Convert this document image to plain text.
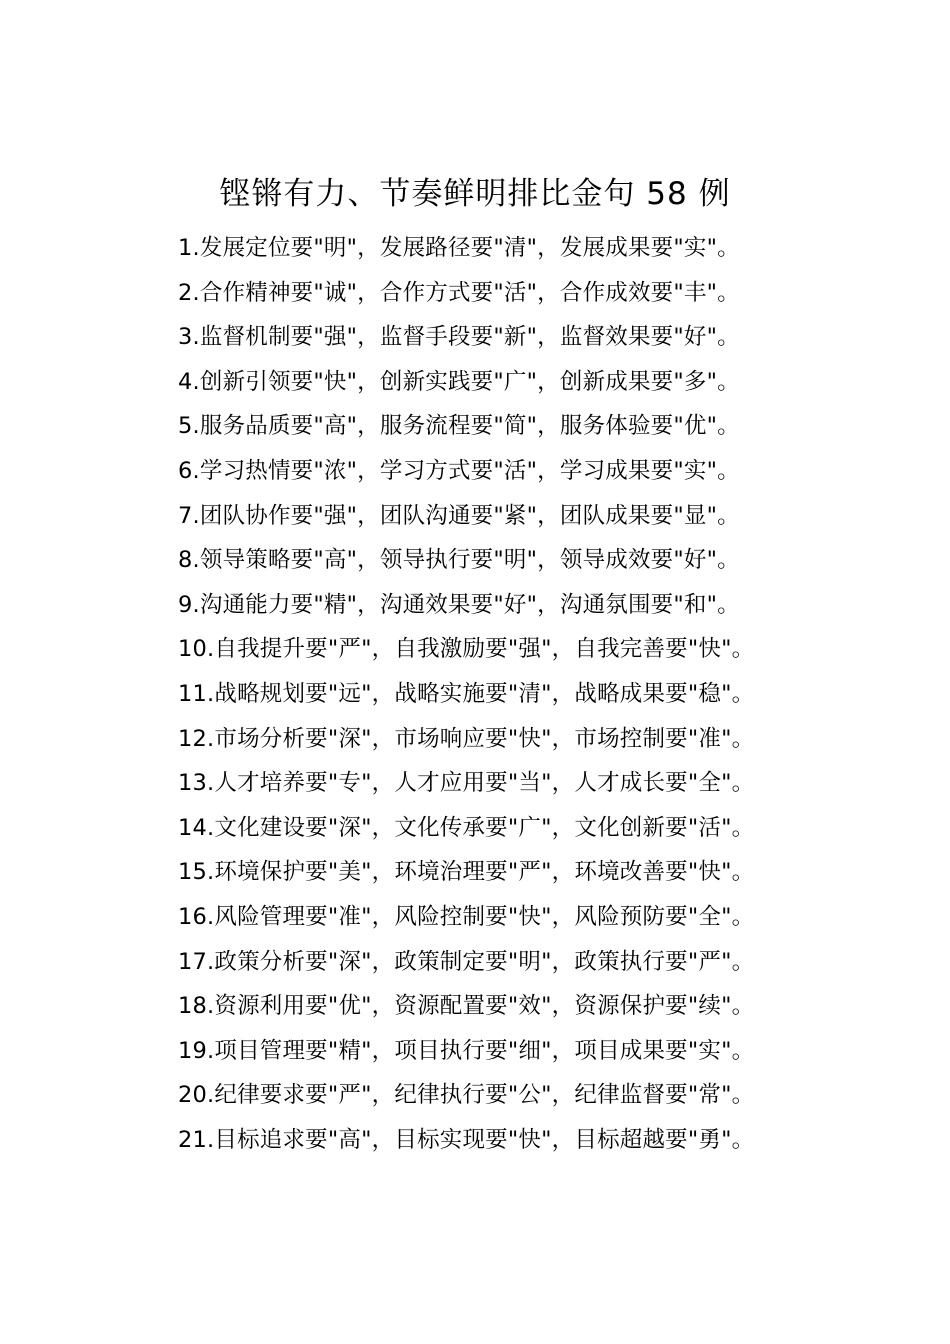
铿锵有力、节奏鲜明排比金句 58 例
1.发展定位要"明"，发展路径要"清"，发展成果要"实"。
2.合作精神要"诚"，合作方式要"活"，合作成效要"丰"。
3.监督机制要"强"，监督手段要"新"，监督效果要"好"。
4.创新引领要"快"，创新实践要"广"，创新成果要"多"。
5.服务品质要"高"，服务流程要"简"，服务体验要"优"。
6.学习热情要"浓"，学习方式要"活"，学习成果要"实"。
7.团队协作要"强"，团队沟通要"紧"，团队成果要"显"。
8.领导策略要"高"，领导执行要"明"，领导成效要"好"。
9.沟通能力要"精"，沟通效果要"好"，沟通氛围要"和"。
10.自我提升要"严"，自我激励要"强"，自我完善要"快"。
11.战略规划要"远"，战略实施要"清"，战略成果要"稳"。
12.市场分析要"深"，市场响应要"快"，市场控制要"准"。
13.人才培养要"专"，人才应用要"当"，人才成长要"全"。
14.文化建设要"深"，文化传承要"广"，文化创新要"活"。
15.环境保护要"美"，环境治理要"严"，环境改善要"快"。
16.风险管理要"准"，风险控制要"快"，风险预防要"全"。
17.政策分析要"深"，政策制定要"明"，政策执行要"严"。
18.资源利用要"优"，资源配置要"效"，资源保护要"续"。
19.项目管理要"精"，项目执行要"细"，项目成果要"实"。
20.纪律要求要"严"，纪律执行要"公"，纪律监督要"常"。
21.目标追求要"高"，目标实现要"快"，目标超越要"勇"。
